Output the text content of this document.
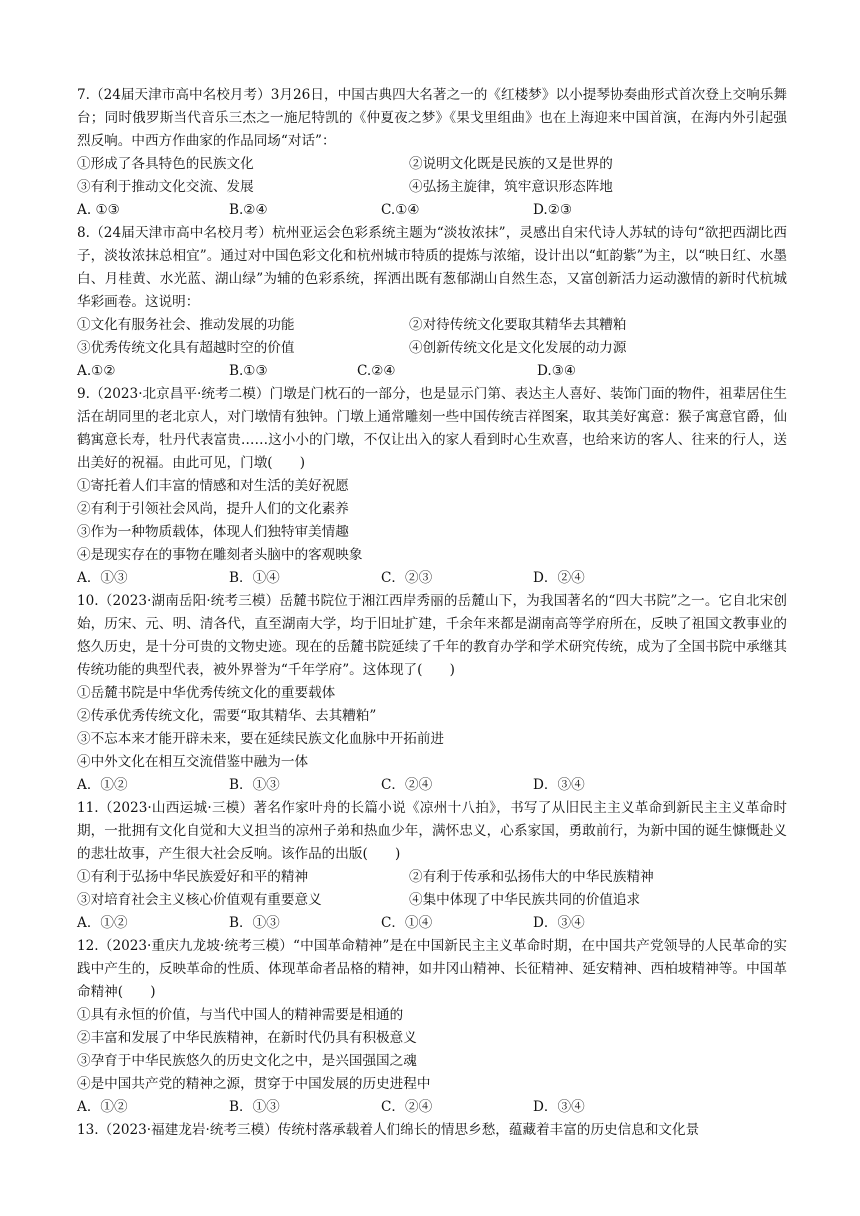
7.（24届天津市高中名校月考）3月26日，中国古典四大名著之一的《红楼梦》以小提琴协奏曲形式首次登上交响乐舞台；同时俄罗斯当代音乐三杰之一施尼特凯的《仲夏夜之梦》《果戈里组曲》也在上海迎来中国首演，在海内外引起强烈反响。中西方作曲家的作品同场“对话”：
①形成了各具特色的民族文化	②说明文化既是民族的又是世界的
③有利于推动文化交流、发展	④弘扬主旋律，筑牢意识形态阵地
A. ①③	B.②④	C.①④	D.②③
8.（24届天津市高中名校月考）杭州亚运会色彩系统主题为“淡妆浓抹”，灵感出自宋代诗人苏轼的诗句“欲把西湖比西子，淡妆浓抹总相宜”。通过对中国色彩文化和杭州城市特质的提炼与浓缩，设计出以“虹韵紫”为主，以“映日红、水墨白、月桂黄、水光蓝、湖山绿”为辅的色彩系统，挥洒出既有葱郁湖山自然生态，又富创新活力运动激情的新时代杭城华彩画卷。这说明：
①文化有服务社会、推动发展的功能	②对待传统文化要取其精华去其糟粕
③优秀传统文化具有超越时空的价值	④创新传统文化是文化发展的动力源
A.①②	B.①③	C.②④	D.③④
9.（2023·北京昌平·统考二模）门墩是门枕石的一部分，也是显示门第、表达主人喜好、装饰门面的物件，祖辈居住生活在胡同里的老北京人，对门墩情有独钟。门墩上通常雕刻一些中国传统吉祥图案，取其美好寓意：猴子寓意官爵，仙鹤寓意长寿，牡丹代表富贵……这小小的门墩，不仅让出入的家人看到时心生欢喜，也给来访的客人、往来的行人，送出美好的祝福。由此可见，门墩(　　)
①寄托着人们丰富的情感和对生活的美好祝愿
②有利于引领社会风尚，提升人们的文化素养
③作为一种物质载体，体现人们独特审美情趣
④是现实存在的事物在雕刻者头脑中的客观映象
A．①③	B．①④	C．②③	D．②④
10.（2023·湖南岳阳·统考三模）岳麓书院位于湘江西岸秀丽的岳麓山下，为我国著名的“四大书院”之一。它自北宋创始，历宋、元、明、清各代，直至湖南大学，均于旧址扩建，千余年来都是湖南高等学府所在，反映了祖国文教事业的悠久历史，是十分可贵的文物史迹。现在的岳麓书院延续了千年的教育办学和学术研究传统，成为了全国书院中承继其传统功能的典型代表，被外界誉为“千年学府”。这体现了(　　)
①岳麓书院是中华优秀传统文化的重要载体
②传承优秀传统文化，需要“取其精华、去其糟粕”
③不忘本来才能开辟未来，要在延续民族文化血脉中开拓前进
④中外文化在相互交流借鉴中融为一体
A．①②	B．①③	C．②④	D．③④
11.（2023·山西运城·三模）著名作家叶舟的长篇小说《凉州十八拍》，书写了从旧民主主义革命到新民主主义革命时期，一批拥有文化自觉和大义担当的凉州子弟和热血少年，满怀忠义，心系家国，勇敢前行，为新中国的诞生慷慨赴义的悲壮故事，产生很大社会反响。该作品的出版(　　)
①有利于弘扬中华民族爱好和平的精神	②有利于传承和弘扬伟大的中华民族精神
③对培育社会主义核心价值观有重要意义	④集中体现了中华民族共同的价值追求
A．①②	B．①③	C．①④	D．③④
12.（2023·重庆九龙坡·统考三模）“中国革命精神”是在中国新民主主义革命时期，在中国共产党领导的人民革命的实践中产生的，反映革命的性质、体现革命者品格的精神，如井冈山精神、长征精神、延安精神、西柏坡精神等。中国革命精神(　　)
①具有永恒的价值，与当代中国人的精神需要是相通的
②丰富和发展了中华民族精神，在新时代仍具有积极意义
③孕育于中华民族悠久的历史文化之中，是兴国强国之魂
④是中国共产党的精神之源，贯穿于中国发展的历史进程中
A．①②	B．①③	C．②④	D．③④
13.（2023·福建龙岩·统考三模）传统村落承载着人们绵长的情思乡愁，蕴藏着丰富的历史信息和文化景
